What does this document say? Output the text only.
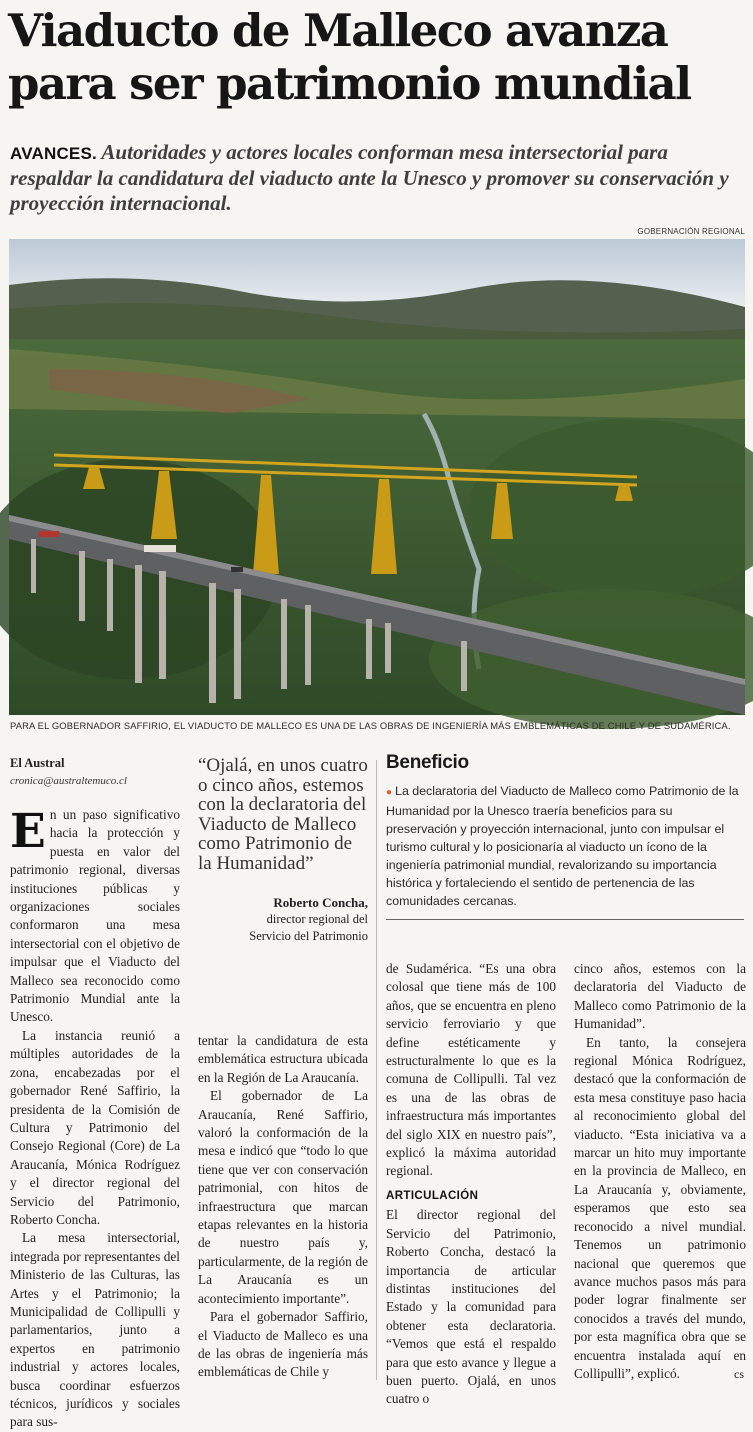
Viaducto de Malleco avanza para ser patrimonio mundial
AVANCES. Autoridades y actores locales conforman mesa intersectorial para respaldar la candidatura del viaducto ante la Unesco y promover su conservación y proyección internacional.
GOBERNACIÓN REGIONAL
PARA EL GOBERNADOR SAFFIRIO, EL VIADUCTO DE MALLECO ES UNA DE LAS OBRAS DE INGENIERÍA MÁS EMBLEMÁTICAS DE CHILE Y DE SUDAMÉRICA.
El Austral
cronica@australtemuco.cl
“Ojalá, en unos cuatro o cinco años, estemos con la declaratoria del Viaducto de Malleco como Patrimonio de la Humanidad”
Roberto Concha,
director regional del
Servicio del Patrimonio
Beneficio
● La declaratoria del Viaducto de Malleco como Patrimonio de la Humanidad por la Unesco traería beneficios para su preservación y proyección internacional, junto con impulsar el turismo cultural y lo posicionaría al viaducto un ícono de la ingeniería patrimonial mundial, revalorizando su importancia histórica y fortaleciendo el sentido de pertenencia de las comunidades cercanas.

En un paso significativo hacia la protección y puesta en valor del patrimonio regional, diversas instituciones públicas y organizaciones sociales conformaron una mesa intersectorial con el objetivo de impulsar que el Viaducto del Malleco sea reconocido como Patrimonio Mundial ante la Unesco.

La instancia reunió a múltiples autoridades de la zona, encabezadas por el gobernador René Saffirio, la presidenta de la Comisión de Cultura y Patrimonio del Consejo Regional (Core) de La Araucanía, Mónica Rodríguez y el director regional del Servicio del Patrimonio, Roberto Concha.

La mesa intersectorial, integrada por representantes del Ministerio de las Culturas, las Artes y el Patrimonio; la Municipalidad de Collipulli y parlamentarios, junto a expertos en patrimonio industrial y actores locales, busca coordinar esfuerzos técnicos, jurídicos y sociales para sus-

tentar la candidatura de esta emblemática estructura ubicada en la Región de La Araucanía.

El gobernador de La Araucanía, René Saffirio, valoró la conformación de la mesa e indicó que “todo lo que tiene que ver con conservación patrimonial, con hitos de infraestructura que marcan etapas relevantes en la historia de nuestro país y, particularmente, de la región de La Araucanía es un acontecimiento importante”.

Para el gobernador Saffirio, el Viaducto de Malleco es una de las obras de ingeniería más emblemáticas de Chile y

de Sudamérica. “Es una obra colosal que tiene más de 100 años, que se encuentra en pleno servicio ferroviario y que define estéticamente y estructuralmente lo que es la comuna de Collipulli. Tal vez es una de las obras de infraestructura más importantes del siglo XIX en nuestro país”, explicó la máxima autoridad regional.

ARTICULACIÓN

El director regional del Servicio del Patrimonio, Roberto Concha, destacó la importancia de articular distintas instituciones del Estado y la comunidad para obtener esta declaratoria. “Vemos que está el respaldo para que esto avance y llegue a buen puerto. Ojalá, en unos cuatro o

cinco años, estemos con la declaratoria del Viaducto de Malleco como Patrimonio de la Humanidad”.

En tanto, la consejera regional Mónica Rodríguez, destacó que la conformación de esta mesa constituye paso hacia al reconocimiento global del viaducto. “Esta iniciativa va a marcar un hito muy importante en la provincia de Malleco, en La Araucanía y, obviamente, esperamos que esto sea reconocido a nivel mundial. Tenemos un patrimonio nacional que queremos que avance muchos pasos más para poder lograr finalmente ser conocidos a través del mundo, por esta magnífica obra que se encuentra instalada aquí en Collipulli”, explicó.	cs
